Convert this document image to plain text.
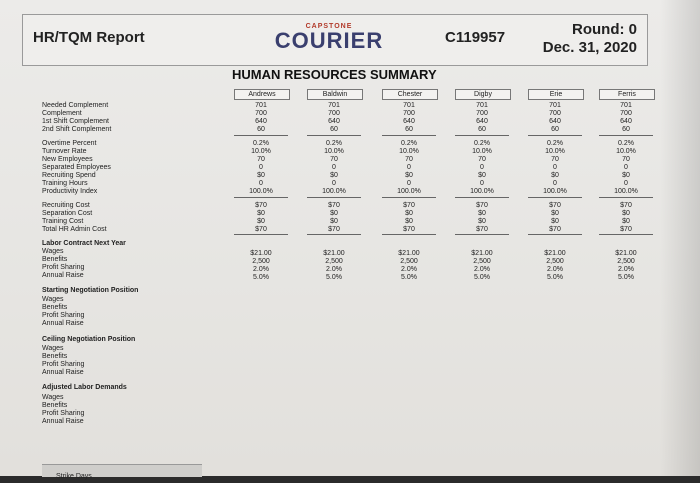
HR/TQM Report
CAPSTONE
COURIER	C119957	Round: 0
Dec. 31, 2020
HUMAN RESOURCES SUMMARY
Needed Complement
Complement
1st Shift Complement
2nd Shift Complement
Overtime Percent
Turnover Rate
New Employees
Separated Employees
Recruiting Spend
Training Hours
Productivity Index
Recruiting Cost
Separation Cost
Training Cost
Total HR Admin Cost
Labor Contract Next Year
Wages
Benefits
Profit Sharing
Annual Raise
Starting Negotiation Position
Wages
Benefits
Profit Sharing
Annual Raise
Ceiling Negotiation Position
Wages
Benefits
Profit Sharing
Annual Raise
Adjusted Labor Demands
Wages
Benefits
Profit Sharing
Annual Raise
Strike Days
Andrews
701
700
640
60
0.2%
10.0%
70
0
$0
0
100.0%
$70
$0
$0
$70
$21.00
2,500
2.0%
5.0%
Baldwin
701
700
640
60
0.2%
10.0%
70
0
$0
0
100.0%
$70
$0
$0
$70
$21.00
2,500
2.0%
5.0%
Chester
701
700
640
60
0.2%
10.0%
70
0
$0
0
100.0%
$70
$0
$0
$70
$21.00
2,500
2.0%
5.0%
Digby
701
700
640
60
0.2%
10.0%
70
0
$0
0
100.0%
$70
$0
$0
$70
$21.00
2,500
2.0%
5.0%
Erie
701
700
640
60
0.2%
10.0%
70
0
$0
0
100.0%
$70
$0
$0
$70
$21.00
2,500
2.0%
5.0%
Ferris
701
700
640
60
0.2%
10.0%
70
0
$0
0
100.0%
$70
$0
$0
$70
$21.00
2,500
2.0%
5.0%
